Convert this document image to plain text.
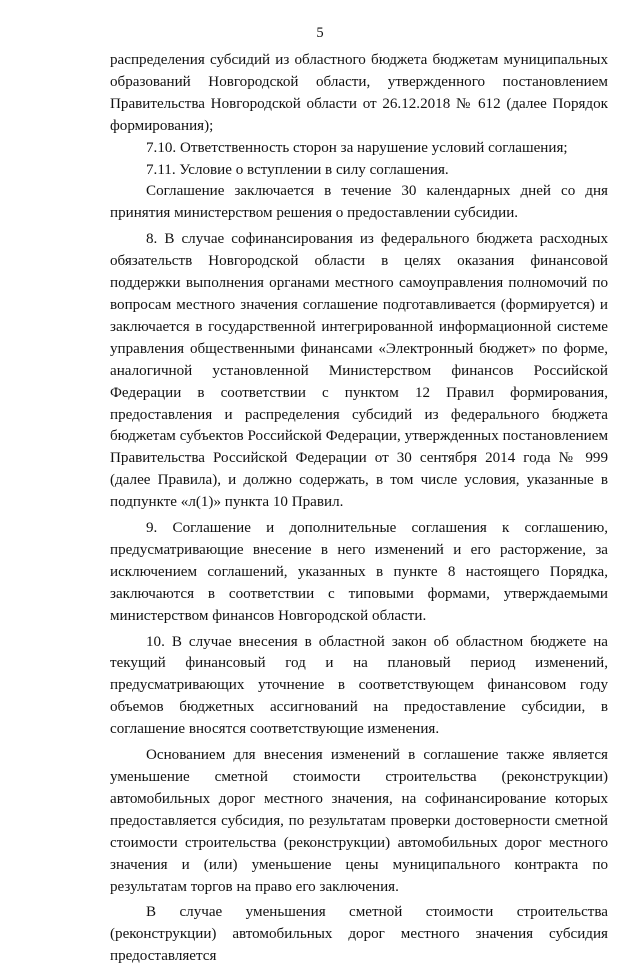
5

распределения субсидий из областного бюджета бюджетам муниципальных образований Новгородской области, утвержденного постановлением Правительства Новгородской области от 26.12.2018 № 612 (далее Порядок формирования);

7.10. Ответственность сторон за нарушение условий соглашения;

7.11. Условие о вступлении в силу соглашения.

Соглашение заключается в течение 30 календарных дней со дня принятия министерством решения о предоставлении субсидии.

8. В случае софинансирования из федерального бюджета расходных обязательств Новгородской области в целях оказания финансовой поддержки выполнения органами местного самоуправления полномочий по вопросам местного значения соглашение подготавливается (формируется) и заключается в государственной интегрированной информационной системе управления общественными финансами «Электронный бюджет» по форме, аналогичной установленной Министерством финансов Российской Федерации в соответствии с пунктом 12 Правил формирования, предоставления и распределения субсидий из федерального бюджета бюджетам субъектов Российской Федерации, утвержденных постановлением Правительства Российской Федерации от 30 сентября 2014 года № 999 (далее Правила), и должно содержать, в том числе условия, указанные в подпункте «л(1)» пункта 10 Правил.

9. Соглашение и дополнительные соглашения к соглашению, предусматривающие внесение в него изменений и его расторжение, за исключением соглашений, указанных в пункте 8 настоящего Порядка, заключаются в соответствии с типовыми формами, утверждаемыми министерством финансов Новгородской области.

10. В случае внесения в областной закон об областном бюджете на текущий финансовый год и на плановый период изменений, предусматривающих уточнение в соответствующем финансовом году объемов бюджетных ассигнований на предоставление субсидии, в соглашение вносятся соответствующие изменения.

Основанием для внесения изменений в соглашение также является уменьшение сметной стоимости строительства (реконструкции) автомобильных дорог местного значения, на софинансирование которых предоставляется субсидия, по результатам проверки достоверности сметной стоимости строительства (реконструкции) автомобильных дорог местного значения и (или) уменьшение цены муниципального контракта по результатам торгов на право его заключения.

В случае уменьшения сметной стоимости строительства (реконструкции) автомобильных дорог местного значения субсидия предоставляется
